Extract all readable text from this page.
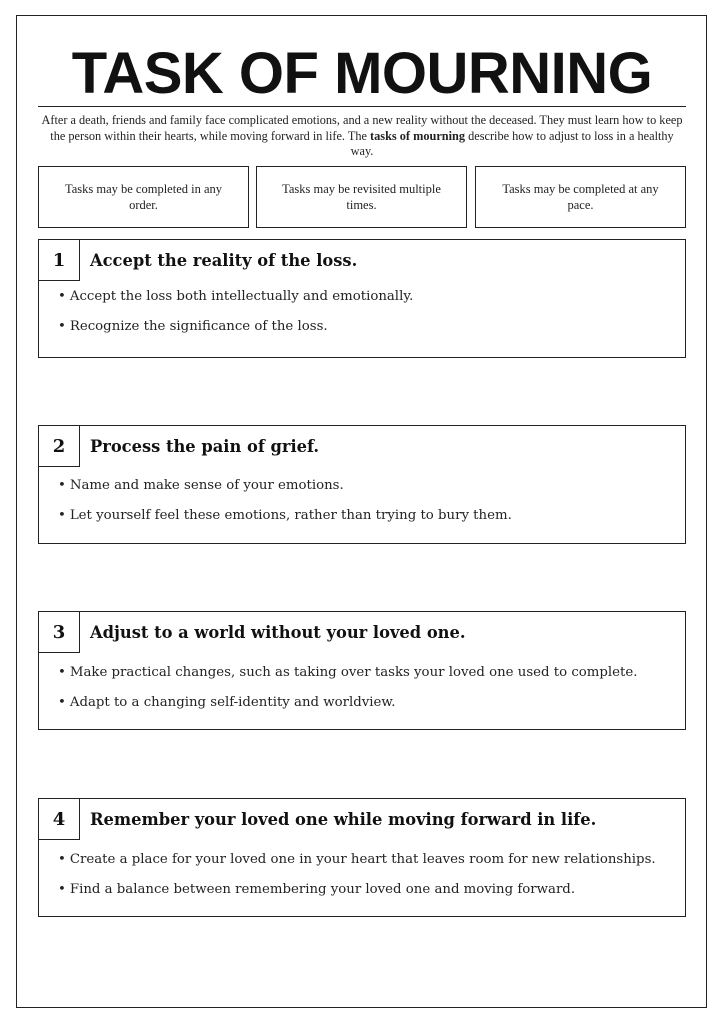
TASK OF MOURNING

After a death, friends and family face complicated emotions, and a new reality without the deceased. They must learn how to keep the person within their hearts, while moving forward in life. The tasks of mourning describe how to adjust to loss in a healthy way.

Tasks may be completed in any order.
Tasks may be revisited multiple times.
Tasks may be completed at any pace.
1	Accept the reality of the loss.
• Accept the loss both intellectually and emotionally.
• Recognize the significance of the loss.
2	Process the pain of grief.
• Name and make sense of your emotions.
• Let yourself feel these emotions, rather than trying to bury them.
3	Adjust to a world without your loved one.
• Make practical changes, such as taking over tasks your loved one used to complete.
• Adapt to a changing self-identity and worldview.
4	Remember your loved one while moving forward in life.
• Create a place for your loved one in your heart that leaves room for new relationships.
• Find a balance between remembering your loved one and moving forward.
